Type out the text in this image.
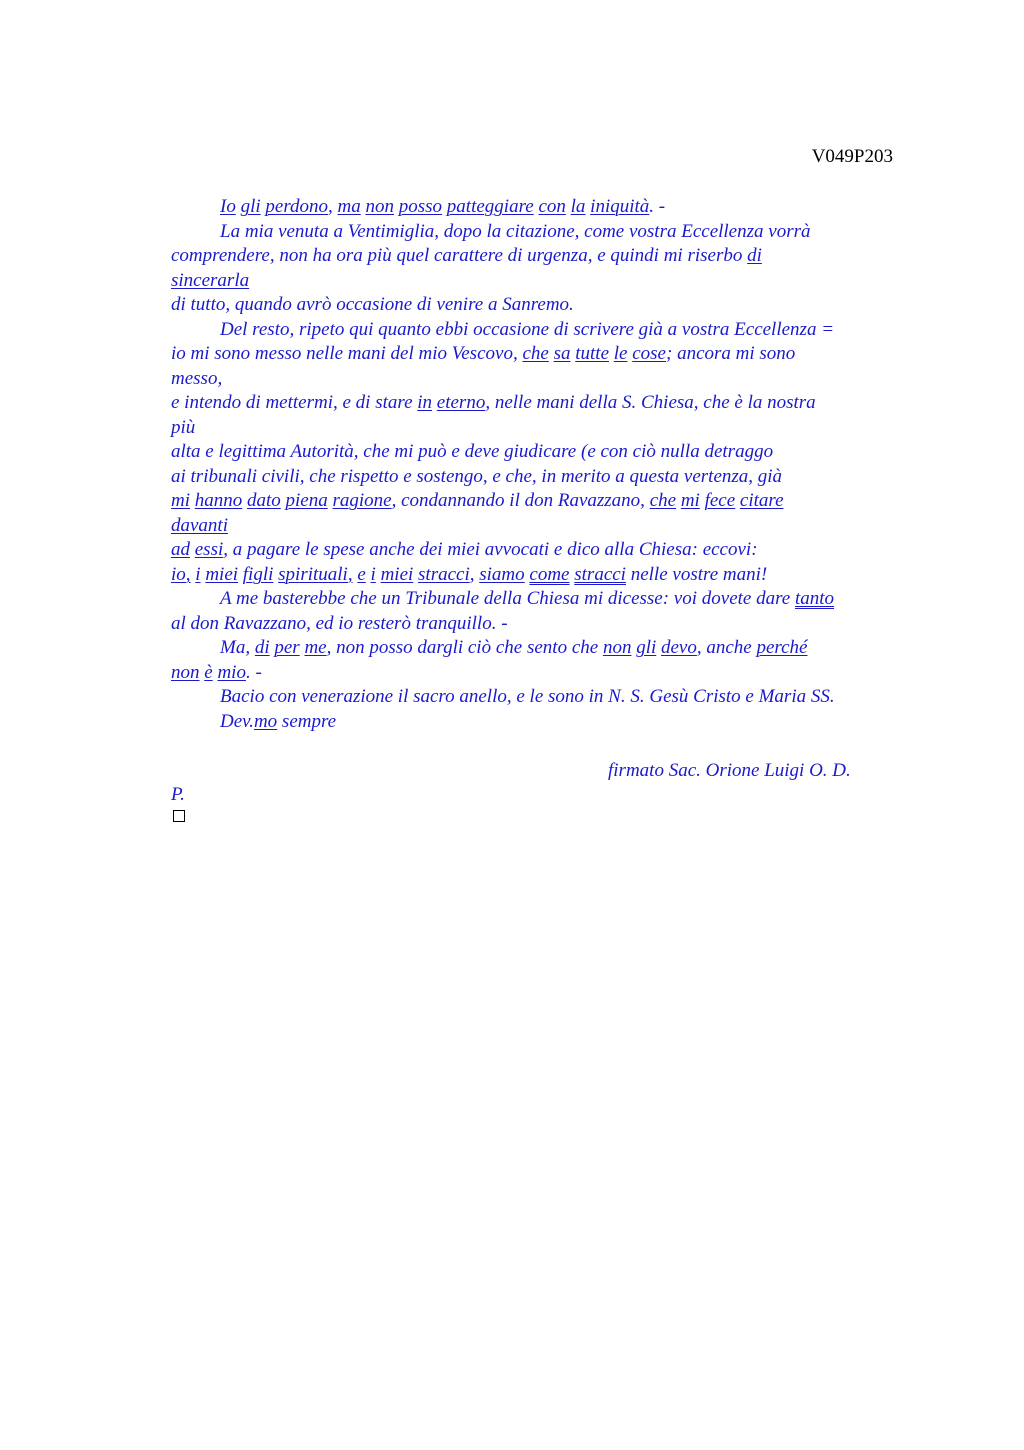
V049P203
Io gli perdono, ma non posso patteggiare con la iniquità. -
La mia venuta a Ventimiglia, dopo la citazione, come vostra Eccellenza vorrà
comprendere, non ha ora più quel carattere di urgenza, e quindi mi riserbo di
sincerarla
di tutto, quando avrò occasione di venire a Sanremo.
Del resto, ripeto qui quanto ebbi occasione di scrivere già a vostra Eccellenza =
io mi sono messo nelle mani del mio Vescovo, che sa tutte le cose; ancora mi sono
messo,
e intendo di mettermi, e di stare in eterno, nelle mani della S. Chiesa, che è la nostra
più
alta e legittima Autorità, che mi può e deve giudicare (e con ciò nulla detraggo
ai tribunali civili, che rispetto e sostengo, e che, in merito a questa vertenza, già
mi hanno dato piena ragione, condannando il don Ravazzano, che mi fece citare
davanti
ad essi, a pagare le spese anche dei miei avvocati e dico alla Chiesa: eccovi:
io, i miei figli spirituali, e i miei stracci, siamo come stracci nelle vostre mani!
A me basterebbe che un Tribunale della Chiesa mi dicesse: voi dovete dare tanto
al don Ravazzano, ed io resterò tranquillo. -
Ma, di per me, non posso dargli ciò che sento che non gli devo, anche perché
non è mio. -
Bacio con venerazione il sacro anello, e le sono in N. S. Gesù Cristo e Maria SS.
Dev.mo sempre
firmato Sac. Orione Luigi O. D.
P.
